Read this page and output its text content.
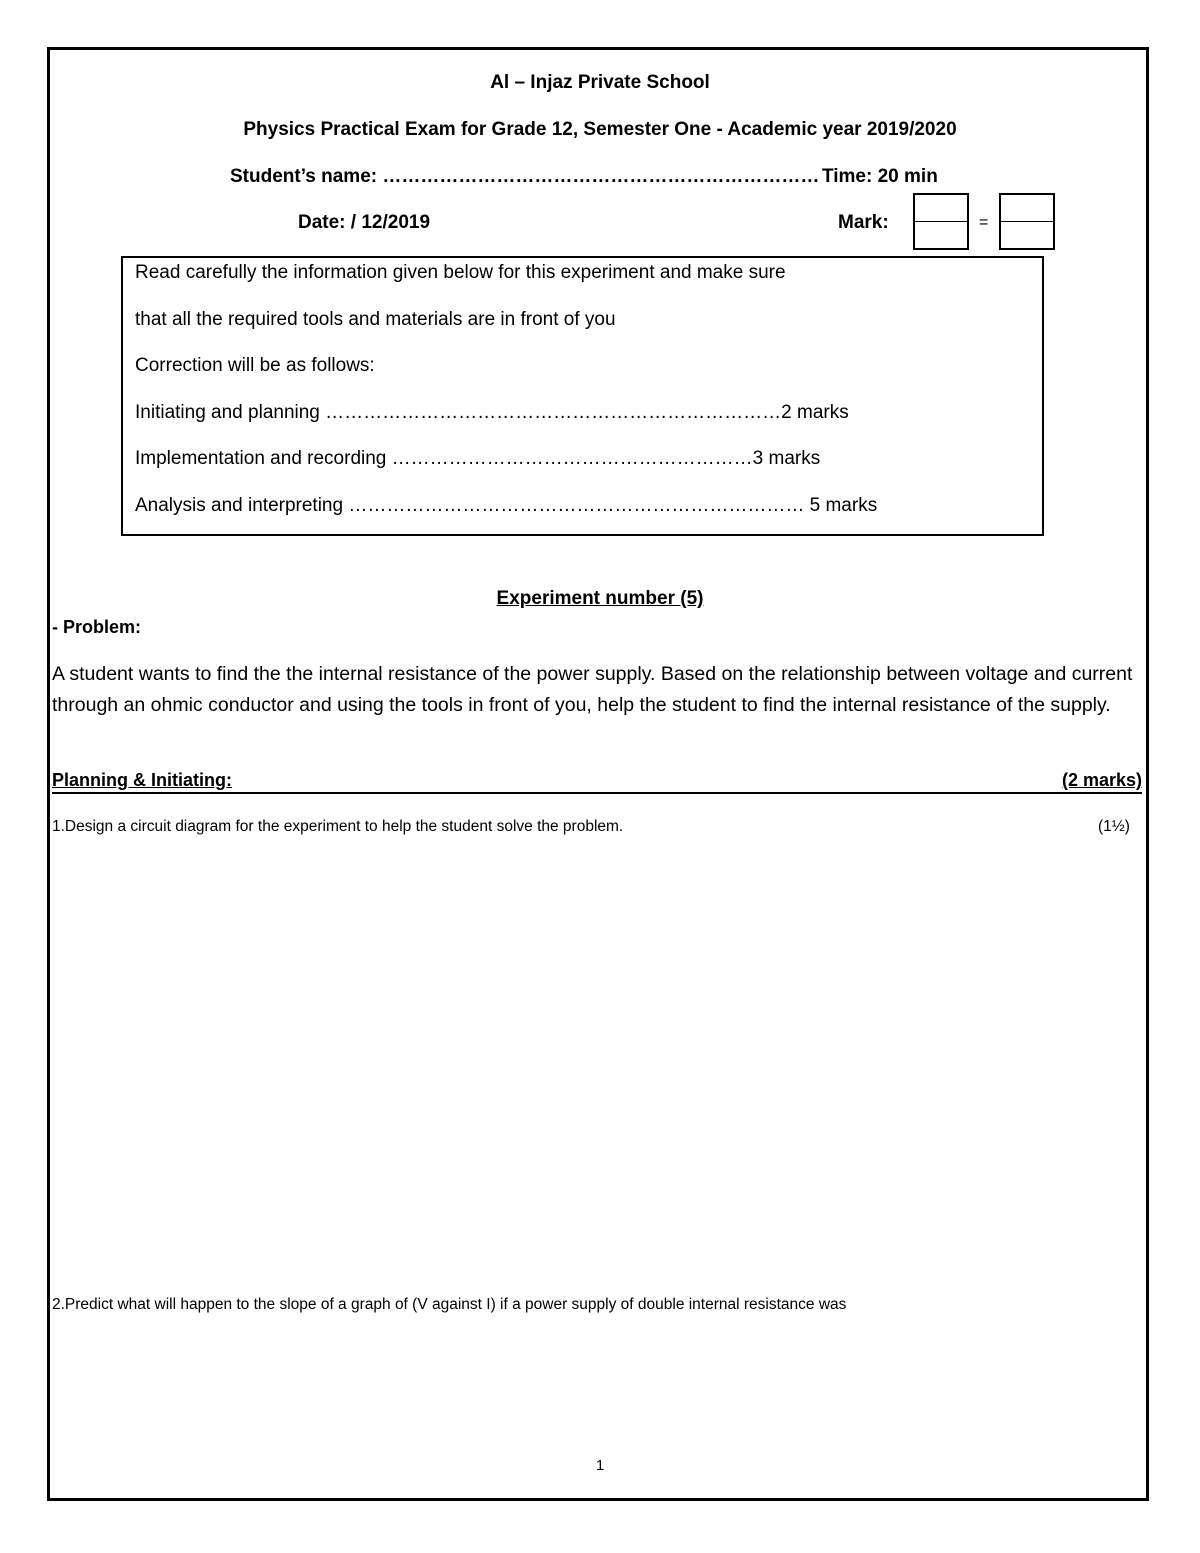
Al – Injaz Private School
Physics Practical Exam for Grade 12, Semester One - Academic year 2019/2020
Student’s name: …………………………………………………………… Time: 20 min
Date: / 12/2019	Mark:	=
Read carefully the information given below for this experiment and make sure
that all the required tools and materials are in front of you
Correction will be as follows:
Initiating and planning ………………………………………………………………2 marks
Implementation and recording …………………………………………………3 marks
Analysis and interpreting ……………………………………………………………… 5 marks
Experiment number (5)
- Problem:
A student wants to find the the internal resistance of the power supply. Based on the relationship between voltage and current through an ohmic conductor and using the tools in front of you, help the student to find the internal resistance of the supply.
Planning & Initiating:	(2 marks)
1.Design a circuit diagram for the experiment to help the student solve the problem.	(1½)
2.Predict what will happen to the slope of a graph of (V against I) if a power supply of double internal resistance was
1
